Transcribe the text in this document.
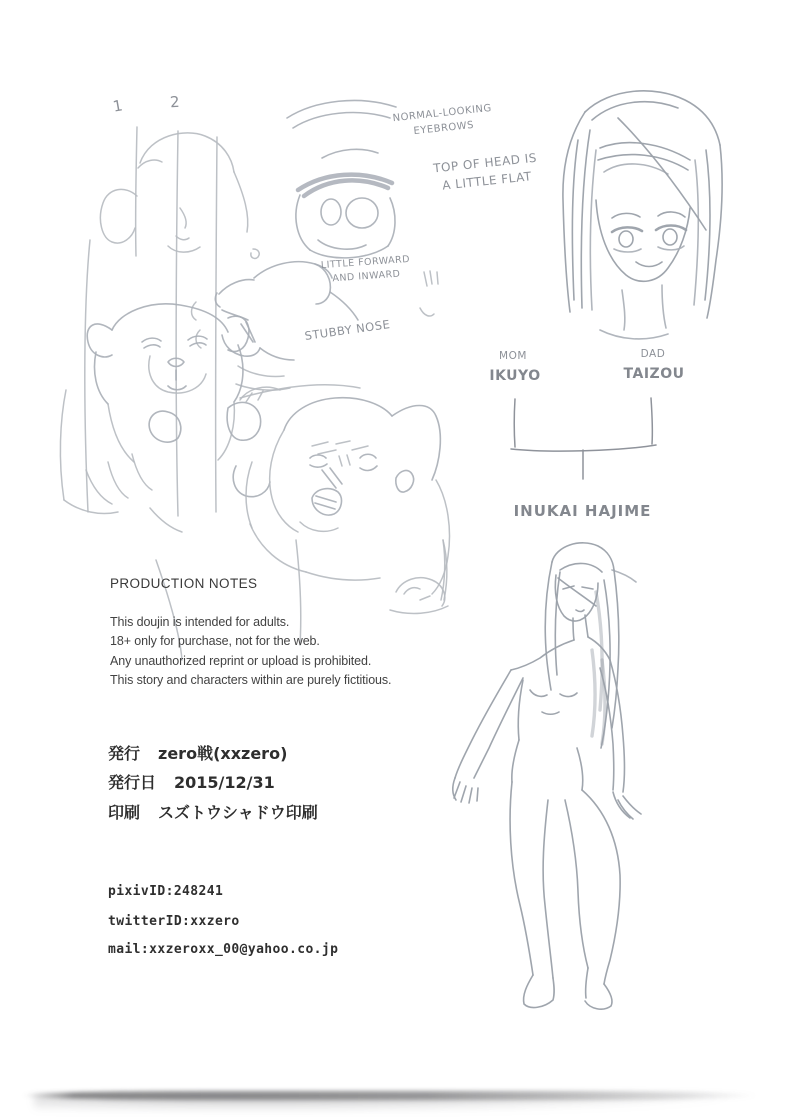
1	2
NORMAL-LOOKING
EYEBROWS
TOP OF HEAD IS
A LITTLE FLAT
LITTLE FORWARD
AND INWARD
STUBBY NOSE
MOM
IKUYO
DAD
TAIZOU
INUKAI HAJIME
PRODUCTION NOTES
This doujin is intended for adults.
18+ only for purchase, not for the web.
Any unauthorized reprint or upload is prohibited.
This story and characters within are purely fictitious.
発行 zero戦(xxzero)
発行日 2015/12/31
印刷 スズトウシャドウ印刷
pixivID:248241
twitterID:xxzero
mail:xxzeroxx_00@yahoo.co.jp
